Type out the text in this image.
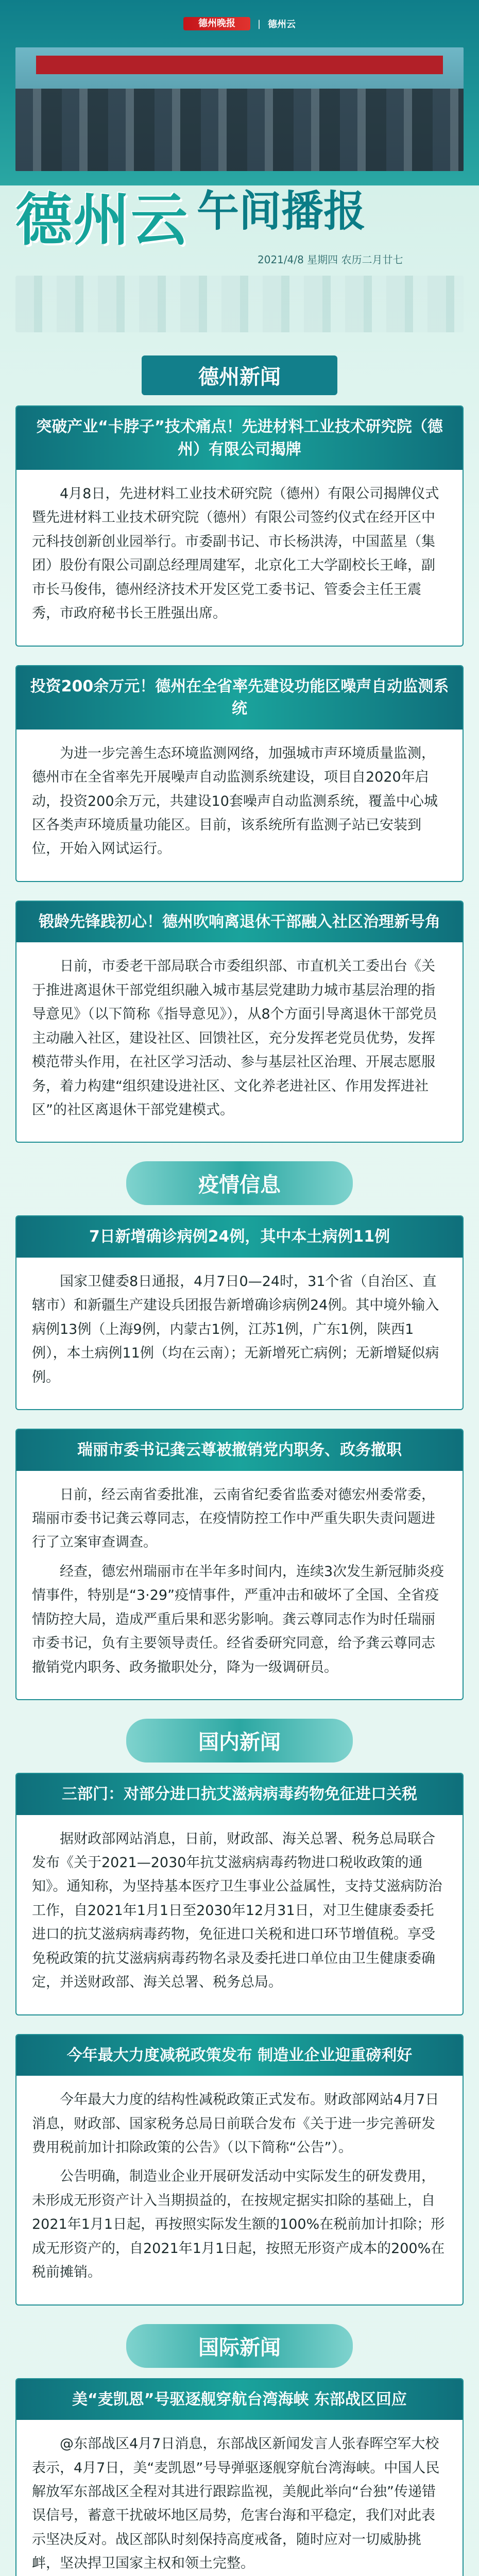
德州晚报	| 德州云
德州云 午间播报
2021/4/8 星期四 农历二月廿七
德州新闻
突破产业“卡脖子”技术痛点！先进材料工业技术研究院（德州）有限公司揭牌

4月8日，先进材料工业技术研究院（德州）有限公司揭牌仪式暨先进材料工业技术研究院（德州）有限公司签约仪式在经开区中元科技创新创业园举行。市委副书记、市长杨洪涛，中国蓝星（集团）股份有限公司副总经理周建军，北京化工大学副校长王峰，副市长马俊伟，德州经济技术开发区党工委书记、管委会主任王震秀，市政府秘书长王胜强出席。

投资200余万元！德州在全省率先建设功能区噪声自动监测系统

为进一步完善生态环境监测网络，加强城市声环境质量监测，德州市在全省率先开展噪声自动监测系统建设，项目自2020年启动，投资200余万元，共建设10套噪声自动监测系统，覆盖中心城区各类声环境质量功能区。目前，该系统所有监测子站已安装到位，开始入网试运行。

锻龄先锋践初心！德州吹响离退休干部融入社区治理新号角

日前，市委老干部局联合市委组织部、市直机关工委出台《关于推进离退休干部党组织融入城市基层党建助力城市基层治理的指导意见》（以下简称《指导意见》），从8个方面引导离退休干部党员主动融入社区，建设社区、回馈社区，充分发挥老党员优势，发挥模范带头作用，在社区学习活动、参与基层社区治理、开展志愿服务，着力构建“组织建设进社区、文化养老进社区、作用发挥进社区”的社区离退休干部党建模式。

疫情信息
7日新增确诊病例24例，其中本土病例11例

国家卫健委8日通报，4月7日0—24时，31个省（自治区、直辖市）和新疆生产建设兵团报告新增确诊病例24例。其中境外输入病例13例（上海9例，内蒙古1例，江苏1例，广东1例，陕西1例），本土病例11例（均在云南）；无新增死亡病例；无新增疑似病例。

瑞丽市委书记龚云尊被撤销党内职务、政务撤职

日前，经云南省委批准，云南省纪委省监委对德宏州委常委，瑞丽市委书记龚云尊同志，在疫情防控工作中严重失职失责问题进行了立案审查调查。

经查，德宏州瑞丽市在半年多时间内，连续3次发生新冠肺炎疫情事件，特别是“3·29”疫情事件，严重冲击和破坏了全国、全省疫情防控大局，造成严重后果和恶劣影响。龚云尊同志作为时任瑞丽市委书记，负有主要领导责任。经省委研究同意，给予龚云尊同志撤销党内职务、政务撤职处分，降为一级调研员。

国内新闻
三部门：对部分进口抗艾滋病病毒药物免征进口关税

据财政部网站消息，日前，财政部、海关总署、税务总局联合发布《关于2021—2030年抗艾滋病病毒药物进口税收政策的通知》。通知称，为坚持基本医疗卫生事业公益属性，支持艾滋病防治工作，自2021年1月1日至2030年12月31日，对卫生健康委委托进口的抗艾滋病病毒药物，免征进口关税和进口环节增值税。享受免税政策的抗艾滋病病毒药物名录及委托进口单位由卫生健康委确定，并送财政部、海关总署、税务总局。

今年最大力度减税政策发布 制造业企业迎重磅利好

今年最大力度的结构性减税政策正式发布。财政部网站4月7日消息，财政部、国家税务总局日前联合发布《关于进一步完善研发费用税前加计扣除政策的公告》（以下简称“公告”）。

公告明确，制造业企业开展研发活动中实际发生的研发费用，未形成无形资产计入当期损益的，在按规定据实扣除的基础上，自2021年1月1日起，再按照实际发生额的100%在税前加计扣除；形成无形资产的，自2021年1月1日起，按照无形资产成本的200%在税前摊销。

国际新闻
美“麦凯恩”号驱逐舰穿航台湾海峡 东部战区回应

@东部战区4月7日消息，东部战区新闻发言人张春晖空军大校表示，4月7日，美“麦凯恩”号导弹驱逐舰穿航台湾海峡。中国人民解放军东部战区全程对其进行跟踪监视，美舰此举向“台独”传递错误信号，蓄意干扰破坏地区局势，危害台海和平稳定，我们对此表示坚决反对。战区部队时刻保持高度戒备，随时应对一切威胁挑衅，坚决捍卫国家主权和领土完整。
